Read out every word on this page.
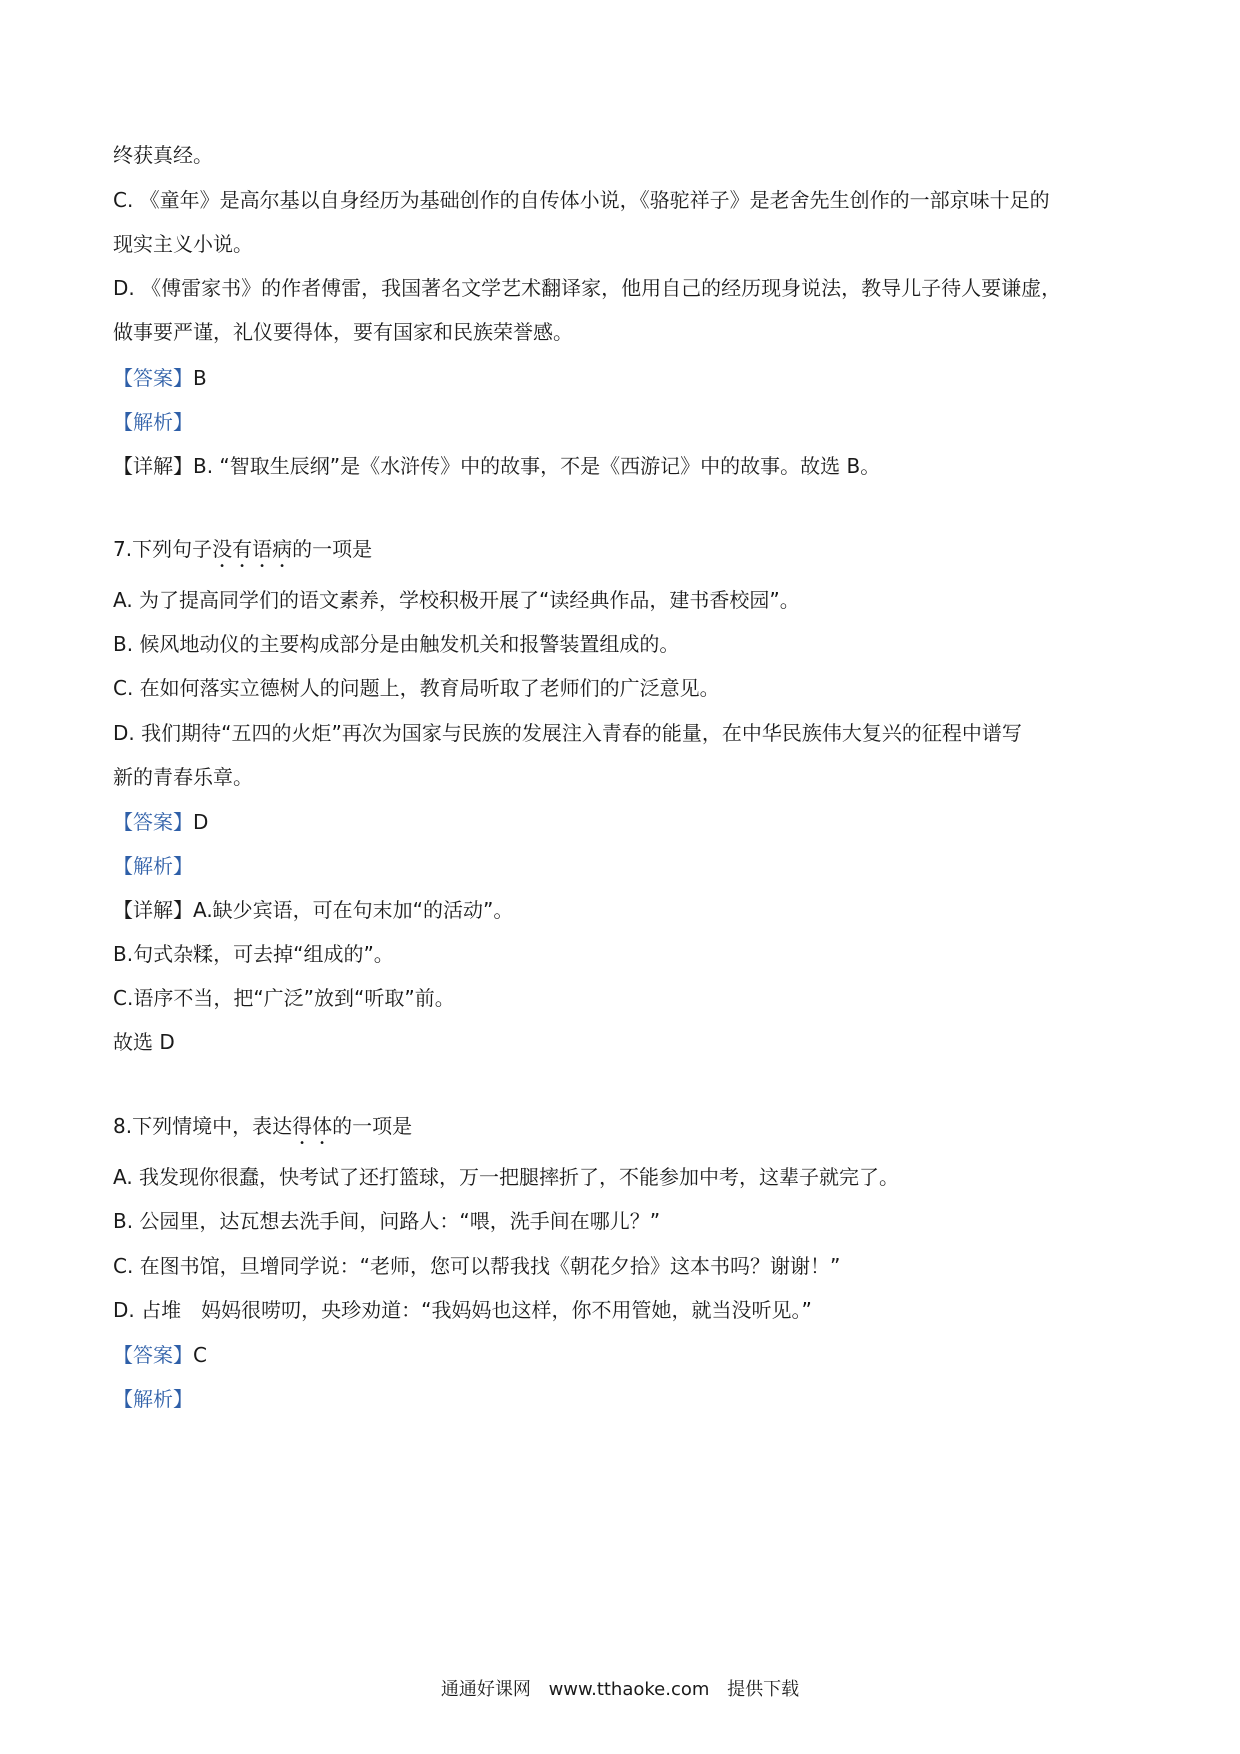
终获真经。
C. 《童年》是高尔基以自身经历为基础创作的自传体小说，《骆驼祥子》是老舍先生创作的一部京味十足的
现实主义小说。
D. 《傅雷家书》的作者傅雷，我国著名文学艺术翻译家，他用自己的经历现身说法，教导儿子待人要谦虚，
做事要严谨，礼仪要得体，要有国家和民族荣誉感。
【答案】B
【解析】
【详解】B. “智取生辰纲”是《水浒传》中的故事，不是《西游记》中的故事。故选 B。
7.下列句子没有语病的一项是
A. 为了提高同学们的语文素养，学校积极开展了“读经典作品，建书香校园”。
B. 候风地动仪的主要构成部分是由触发机关和报警装置组成的。
C. 在如何落实立德树人的问题上，教育局听取了老师们的广泛意见。
D. 我们期待“五四的火炬”再次为国家与民族的发展注入青春的能量，在中华民族伟大复兴的征程中谱写
新的青春乐章。
【答案】D
【解析】
【详解】A.缺少宾语，可在句末加“的活动”。
B.句式杂糅，可去掉“组成的”。
C.语序不当，把“广泛”放到“听取”前。
故选 D
8.下列情境中，表达得体的一项是
A. 我发现你很蠢，快考试了还打篮球，万一把腿摔折了，不能参加中考，这辈子就完了。
B. 公园里，达瓦想去洗手间，问路人：“喂，洗手间在哪儿？”
C. 在图书馆，旦增同学说：“老师，您可以帮我找《朝花夕拾》这本书吗？谢谢！”
D. 占堆　妈妈很唠叨，央珍劝道：“我妈妈也这样，你不用管她，就当没听见。”
【答案】C
【解析】
通通好课网 www.tthaoke.com 提供下载
